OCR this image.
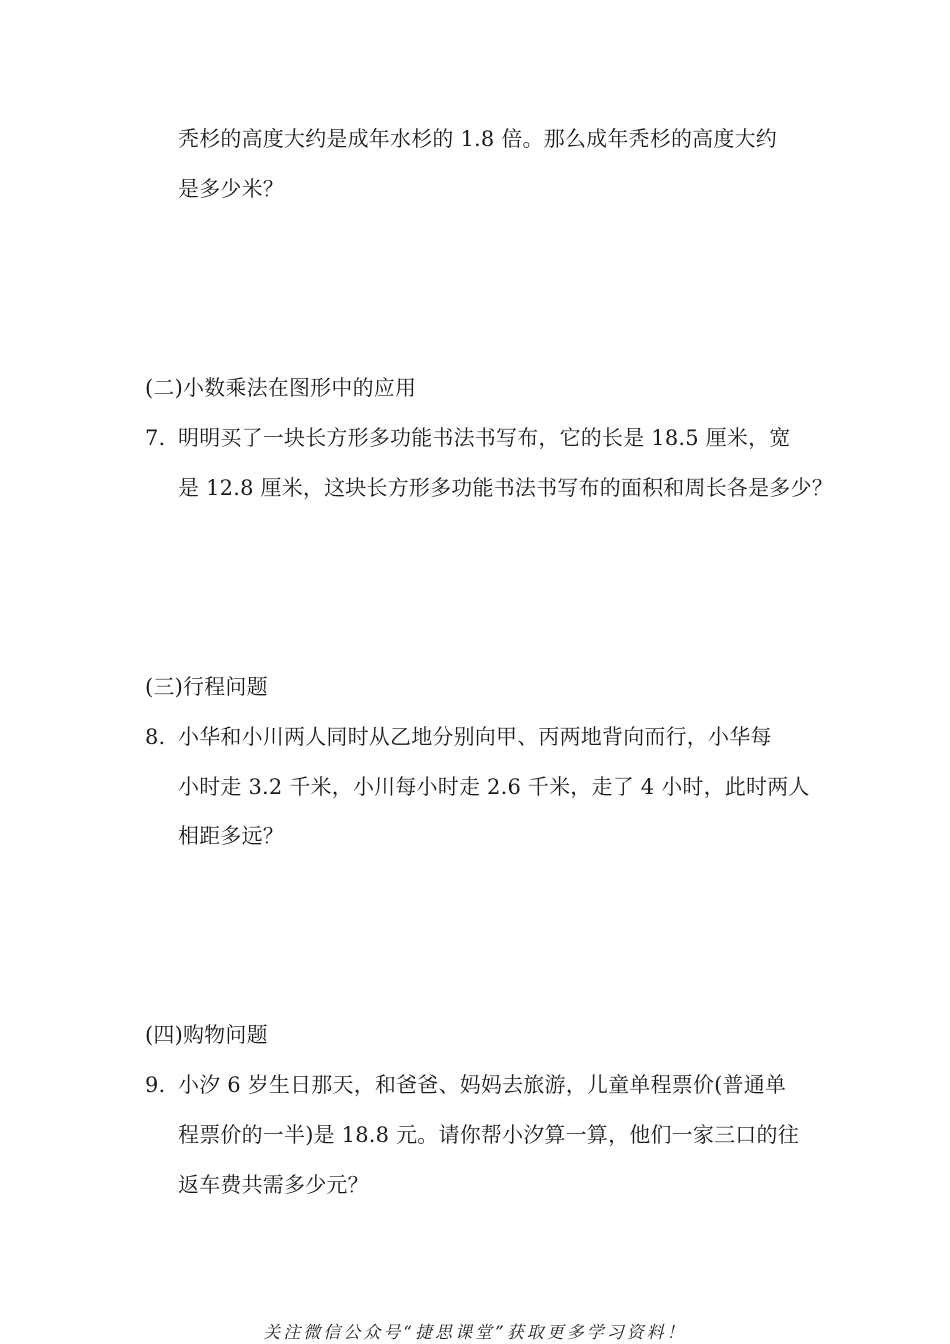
秃杉的高度大约是成年水杉的 1.8 倍。那么成年秃杉的高度大约
是多少米？
(二)小数乘法在图形中的应用
7. 明明买了一块长方形多功能书法书写布，它的长是 18.5 厘米，宽
是 12.8 厘米，这块长方形多功能书法书写布的面积和周长各是多少？
(三)行程问题
8. 小华和小川两人同时从乙地分别向甲、丙两地背向而行，小华每
小时走 3.2 千米，小川每小时走 2.6 千米，走了 4 小时，此时两人
相距多远？
(四)购物问题
9. 小汐 6 岁生日那天，和爸爸、妈妈去旅游，儿童单程票价(普通单
程票价的一半)是 18.8 元。请你帮小汐算一算，他们一家三口的往
返车费共需多少元？
关注微信公众号“捷思课堂”获取更多学习资料！
